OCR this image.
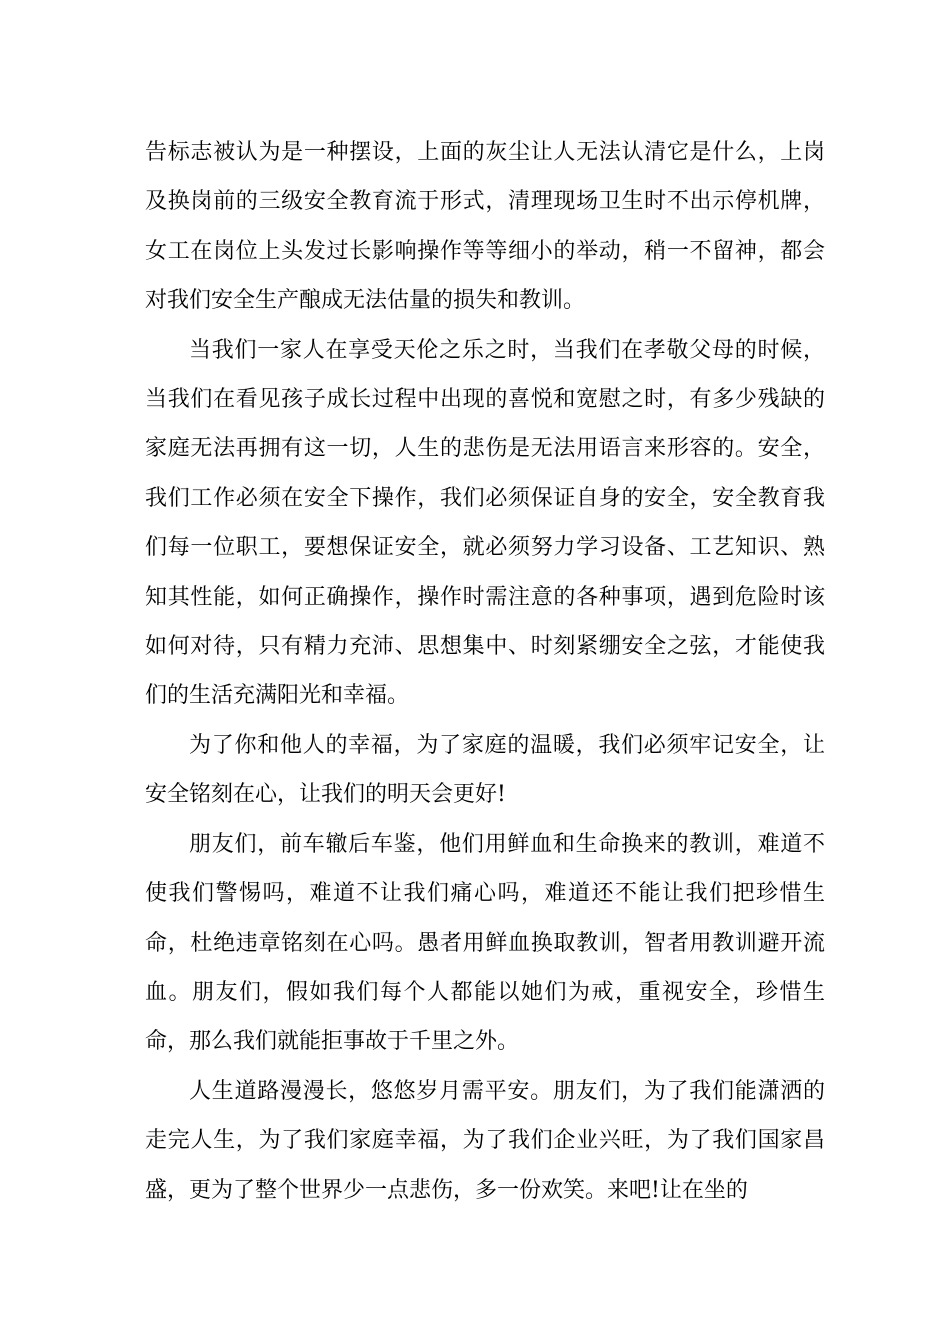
告标志被认为是一种摆设，上面的灰尘让人无法认清它是什么，上岗及换岗前的三级安全教育流于形式，清理现场卫生时不出示停机牌，女工在岗位上头发过长影响操作等等细小的举动，稍一不留神，都会对我们安全生产酿成无法估量的损失和教训。

当我们一家人在享受天伦之乐之时，当我们在孝敬父母的时候，当我们在看见孩子成长过程中出现的喜悦和宽慰之时，有多少残缺的家庭无法再拥有这一切，人生的悲伤是无法用语言来形容的。安全，我们工作必须在安全下操作，我们必须保证自身的安全，安全教育我们每一位职工，要想保证安全，就必须努力学习设备、工艺知识、熟知其性能，如何正确操作，操作时需注意的各种事项，遇到危险时该如何对待，只有精力充沛、思想集中、时刻紧绷安全之弦，才能使我们的生活充满阳光和幸福。

为了你和他人的幸福，为了家庭的温暖，我们必须牢记安全，让安全铭刻在心，让我们的明天会更好!

朋友们，前车辙后车鉴，他们用鲜血和生命换来的教训，难道不使我们警惕吗，难道不让我们痛心吗，难道还不能让我们把珍惜生命，杜绝违章铭刻在心吗。愚者用鲜血换取教训，智者用教训避开流血。朋友们，假如我们每个人都能以她们为戒，重视安全，珍惜生命，那么我们就能拒事故于千里之外。

人生道路漫漫长，悠悠岁月需平安。朋友们，为了我们能潇洒的走完人生，为了我们家庭幸福，为了我们企业兴旺，为了我们国家昌盛，更为了整个世界少一点悲伤，多一份欢笑。来吧!让在坐的
